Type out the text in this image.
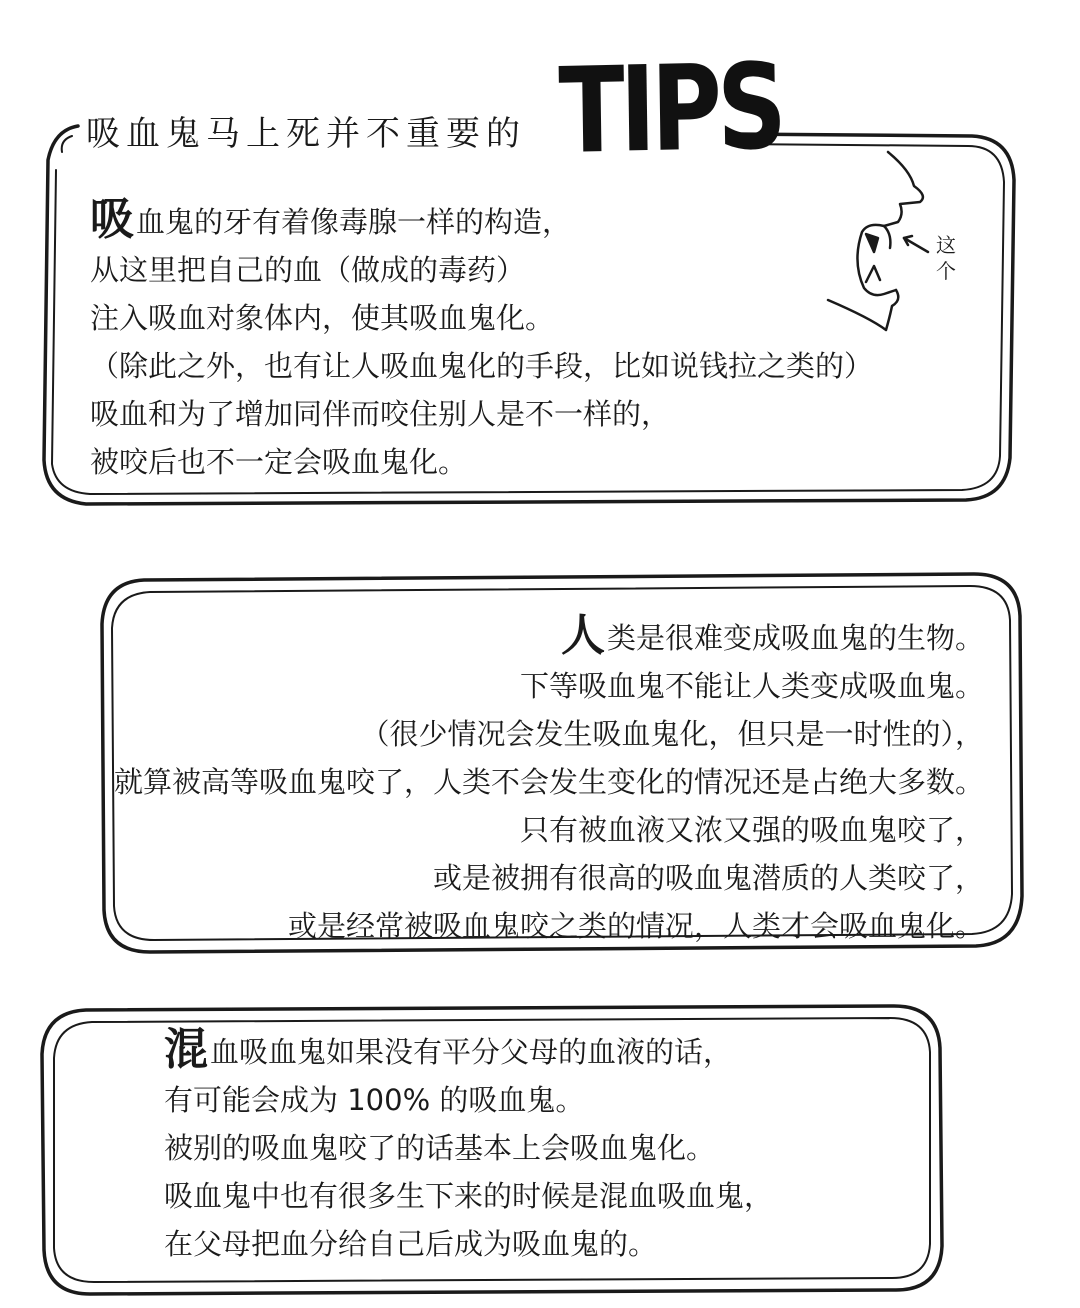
吸血鬼马上死并不重要的 TIPS
这个
吸血鬼的牙有着像毒腺一样的构造，
从这里把自己的血（做成的毒药）
注入吸血对象体内，使其吸血鬼化。
（除此之外，也有让人吸血鬼化的手段，比如说钱拉之类的）
吸血和为了增加同伴而咬住别人是不一样的，
被咬后也不一定会吸血鬼化。
人类是很难变成吸血鬼的生物。
下等吸血鬼不能让人类变成吸血鬼。
（很少情况会发生吸血鬼化，但只是一时性的），
就算被高等吸血鬼咬了，人类不会发生变化的情况还是占绝大多数。
只有被血液又浓又强的吸血鬼咬了，
或是被拥有很高的吸血鬼潜质的人类咬了，
或是经常被吸血鬼咬之类的情况，人类才会吸血鬼化。
混血吸血鬼如果没有平分父母的血液的话，
有可能会成为 100% 的吸血鬼。
被别的吸血鬼咬了的话基本上会吸血鬼化。
吸血鬼中也有很多生下来的时候是混血吸血鬼，
在父母把血分给自己后成为吸血鬼的。
